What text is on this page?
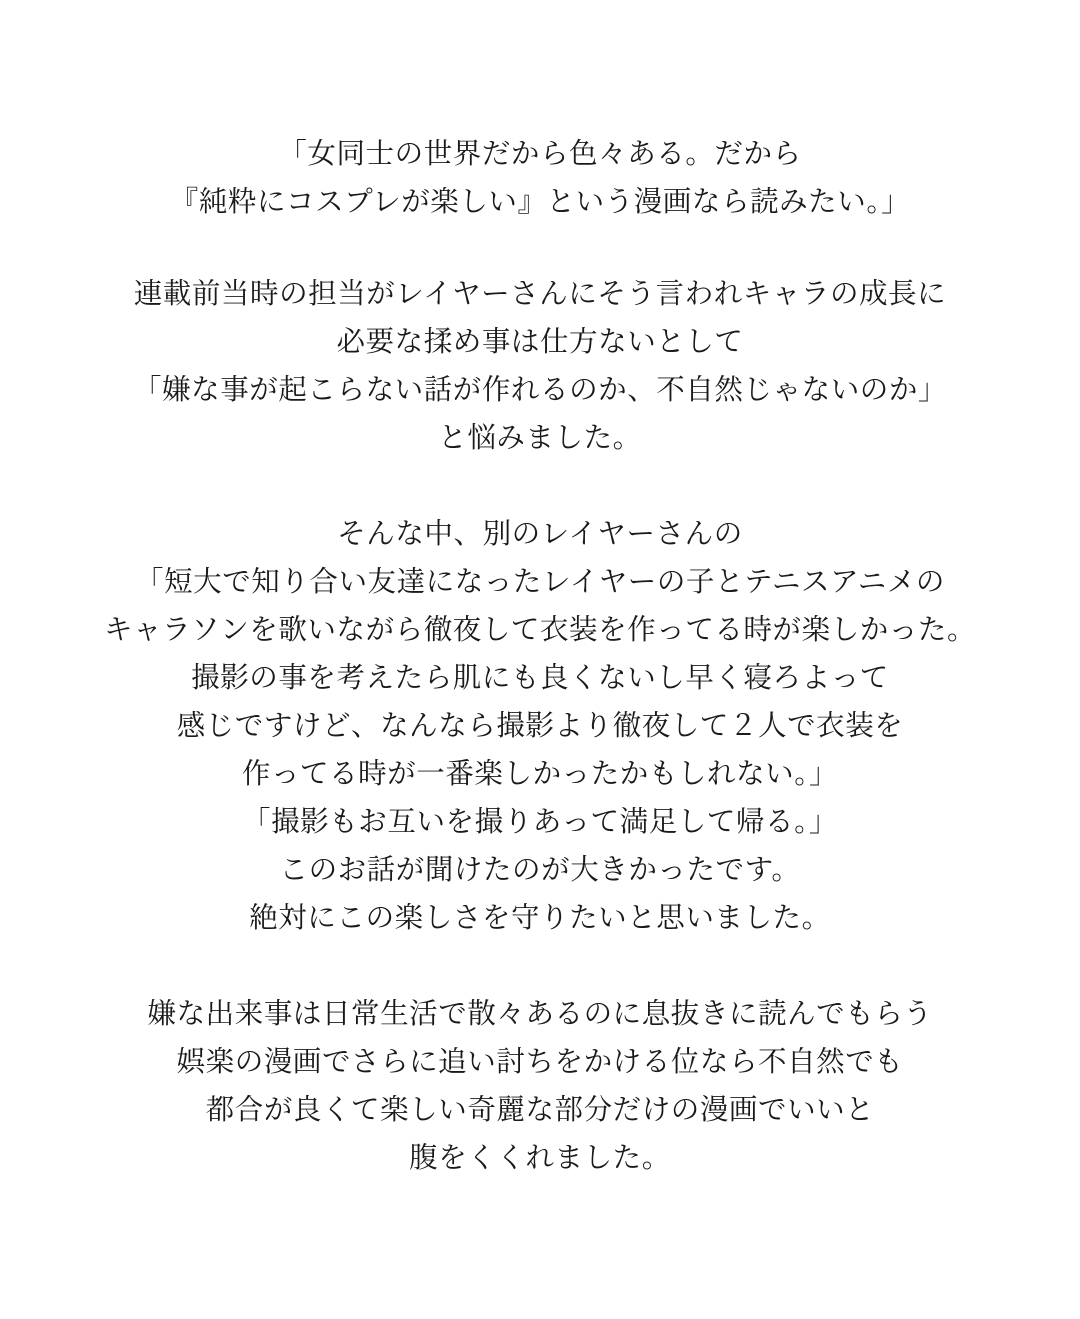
「女同士の世界だから色々ある。だから
『純粋にコスプレが楽しい』という漫画なら読みたい。」
連載前当時の担当がレイヤーさんにそう言われキャラの成長に
必要な揉め事は仕方ないとして
「嫌な事が起こらない話が作れるのか、不自然じゃないのか」
と悩みました。
そんな中、別のレイヤーさんの
「短大で知り合い友達になったレイヤーの子とテニスアニメの
キャラソンを歌いながら徹夜して衣装を作ってる時が楽しかった。
撮影の事を考えたら肌にも良くないし早く寝ろよって
感じですけど、なんなら撮影より徹夜して２人で衣装を
作ってる時が一番楽しかったかもしれない。」
「撮影もお互いを撮りあって満足して帰る。」
このお話が聞けたのが大きかったです。
絶対にこの楽しさを守りたいと思いました。
嫌な出来事は日常生活で散々あるのに息抜きに読んでもらう
娯楽の漫画でさらに追い討ちをかける位なら不自然でも
都合が良くて楽しい奇麗な部分だけの漫画でいいと
腹をくくれました。
